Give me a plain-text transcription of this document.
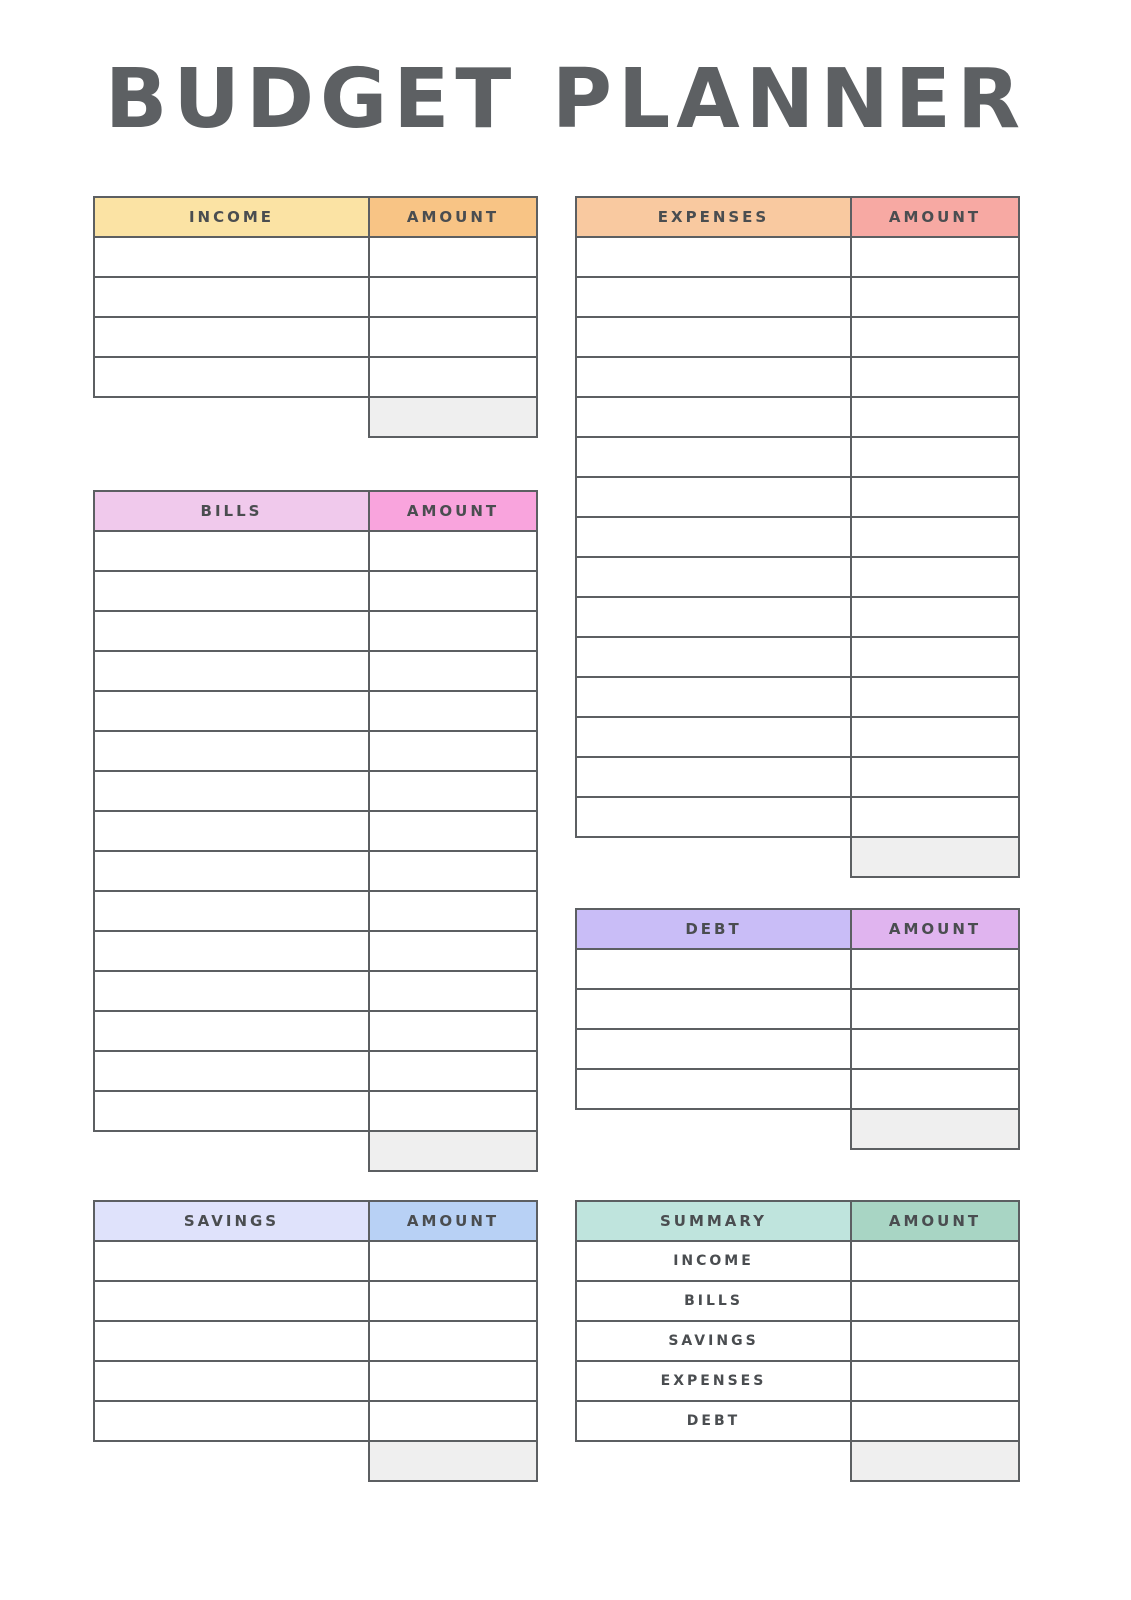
BUDGET PLANNER
INCOME	AMOUNT

BILLS	AMOUNT

SAVINGS	AMOUNT

EXPENSES	AMOUNT

DEBT	AMOUNT

SUMMARY	AMOUNT
INCOME	
BILLS	
SAVINGS	
EXPENSES	
DEBT	
